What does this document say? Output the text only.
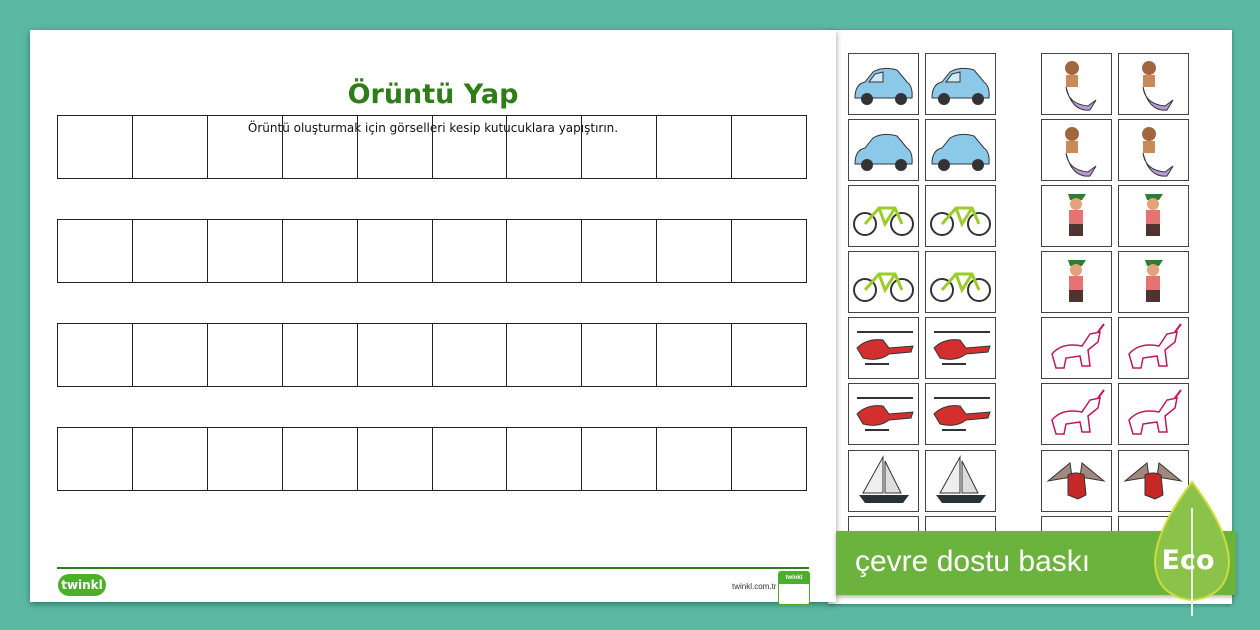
Örüntü Yap
Örüntü oluşturmak için görselleri kesip kutucuklara yapıştırın.
twinkl	twinkl.com.tr
twinkl çevre dostu baskı	Eco
